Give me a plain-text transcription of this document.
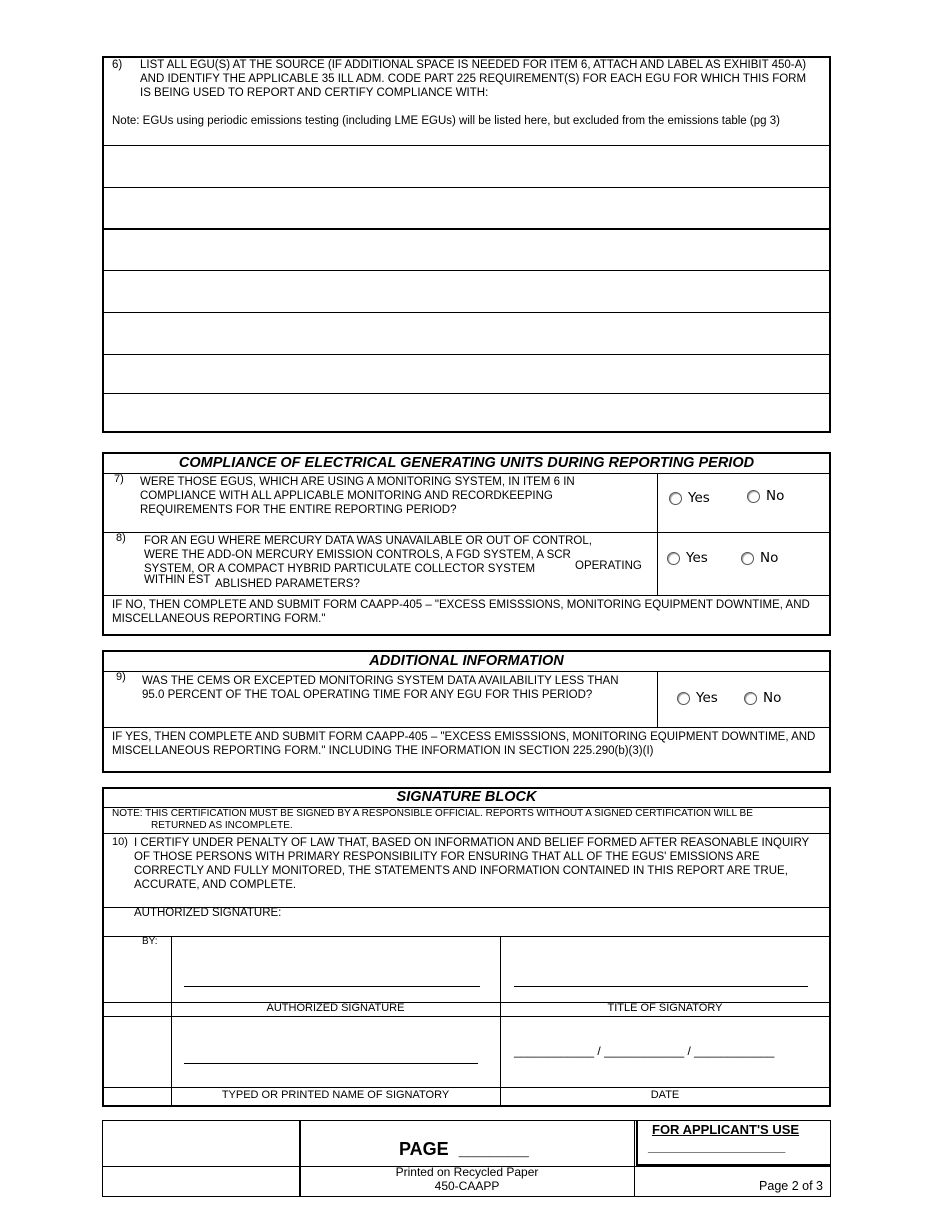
6) LIST ALL EGU(S) AT THE SOURCE (IF ADDITIONAL SPACE IS NEEDED FOR ITEM 6, ATTACH AND LABEL AS EXHIBIT 450-A) AND IDENTIFY THE APPLICABLE 35 ILL ADM. CODE PART 225 REQUIREMENT(S) FOR EACH EGU FOR WHICH THIS FORM IS BEING USED TO REPORT AND CERTIFY COMPLIANCE WITH:
Note: EGUs using periodic emissions testing (including LME EGUs) will be listed here, but excluded from the emissions table (pg 3)
COMPLIANCE OF ELECTRICAL GENERATING UNITS DURING REPORTING PERIOD
7) WERE THOSE EGUS, WHICH ARE USING A MONITORING SYSTEM, IN ITEM 6 IN COMPLIANCE WITH ALL APPLICABLE MONITORING AND RECORDKEEPING REQUIREMENTS FOR THE ENTIRE REPORTING PERIOD?
Yes	No
8) FOR AN EGU WHERE MERCURY DATA WAS UNAVAILABLE OR OUT OF CONTROL,
WERE THE ADD-ON MERCURY EMISSION CONTROLS, A FGD SYSTEM, A SCR
SYSTEM, OR A COMPACT HYBRID PARTICULATE COLLECTOR SYSTEM	OPERATING
WITHIN EST ABLISHED PARAMETERS?
Yes	No
IF NO, THEN COMPLETE AND SUBMIT FORM CAAPP-405 – "EXCESS EMISSSIONS, MONITORING EQUIPMENT DOWNTIME, AND MISCELLANEOUS REPORTING FORM."
ADDITIONAL INFORMATION
9) WAS THE CEMS OR EXCEPTED MONITORING SYSTEM DATA AVAILABILITY LESS THAN 95.0 PERCENT OF THE TOAL OPERATING TIME FOR ANY EGU FOR THIS PERIOD?	Yes	No
IF YES, THEN COMPLETE AND SUBMIT FORM CAAPP-405 – "EXCESS EMISSSIONS, MONITORING EQUIPMENT DOWNTIME, AND MISCELLANEOUS REPORTING FORM." INCLUDING THE INFORMATION IN SECTION 225.290(b)(3)(I)
SIGNATURE BLOCK
NOTE: THIS CERTIFICATION MUST BE SIGNED BY A RESPONSIBLE OFFICIAL. REPORTS WITHOUT A SIGNED CERTIFICATION WILL BE
RETURNED AS INCOMPLETE.
10) I CERTIFY UNDER PENALTY OF LAW THAT, BASED ON INFORMATION AND BELIEF FORMED AFTER REASONABLE INQUIRY OF THOSE PERSONS WITH PRIMARY RESPONSIBILITY FOR ENSURING THAT ALL OF THE EGUS' EMISSIONS ARE CORRECTLY AND FULLY MONITORED, THE STATEMENTS AND INFORMATION CONTAINED IN THIS REPORT ARE TRUE, ACCURATE, AND COMPLETE.
AUTHORIZED SIGNATURE:
BY:
AUTHORIZED SIGNATURE	TITLE OF SIGNATORY
____________ / ____________ / ____________
TYPED OR PRINTED NAME OF SIGNATORY	DATE
PAGE _______
FOR APPLICANT'S USE
___________________
Printed on Recycled Paper
450-CAAPP	Page 2 of 3
